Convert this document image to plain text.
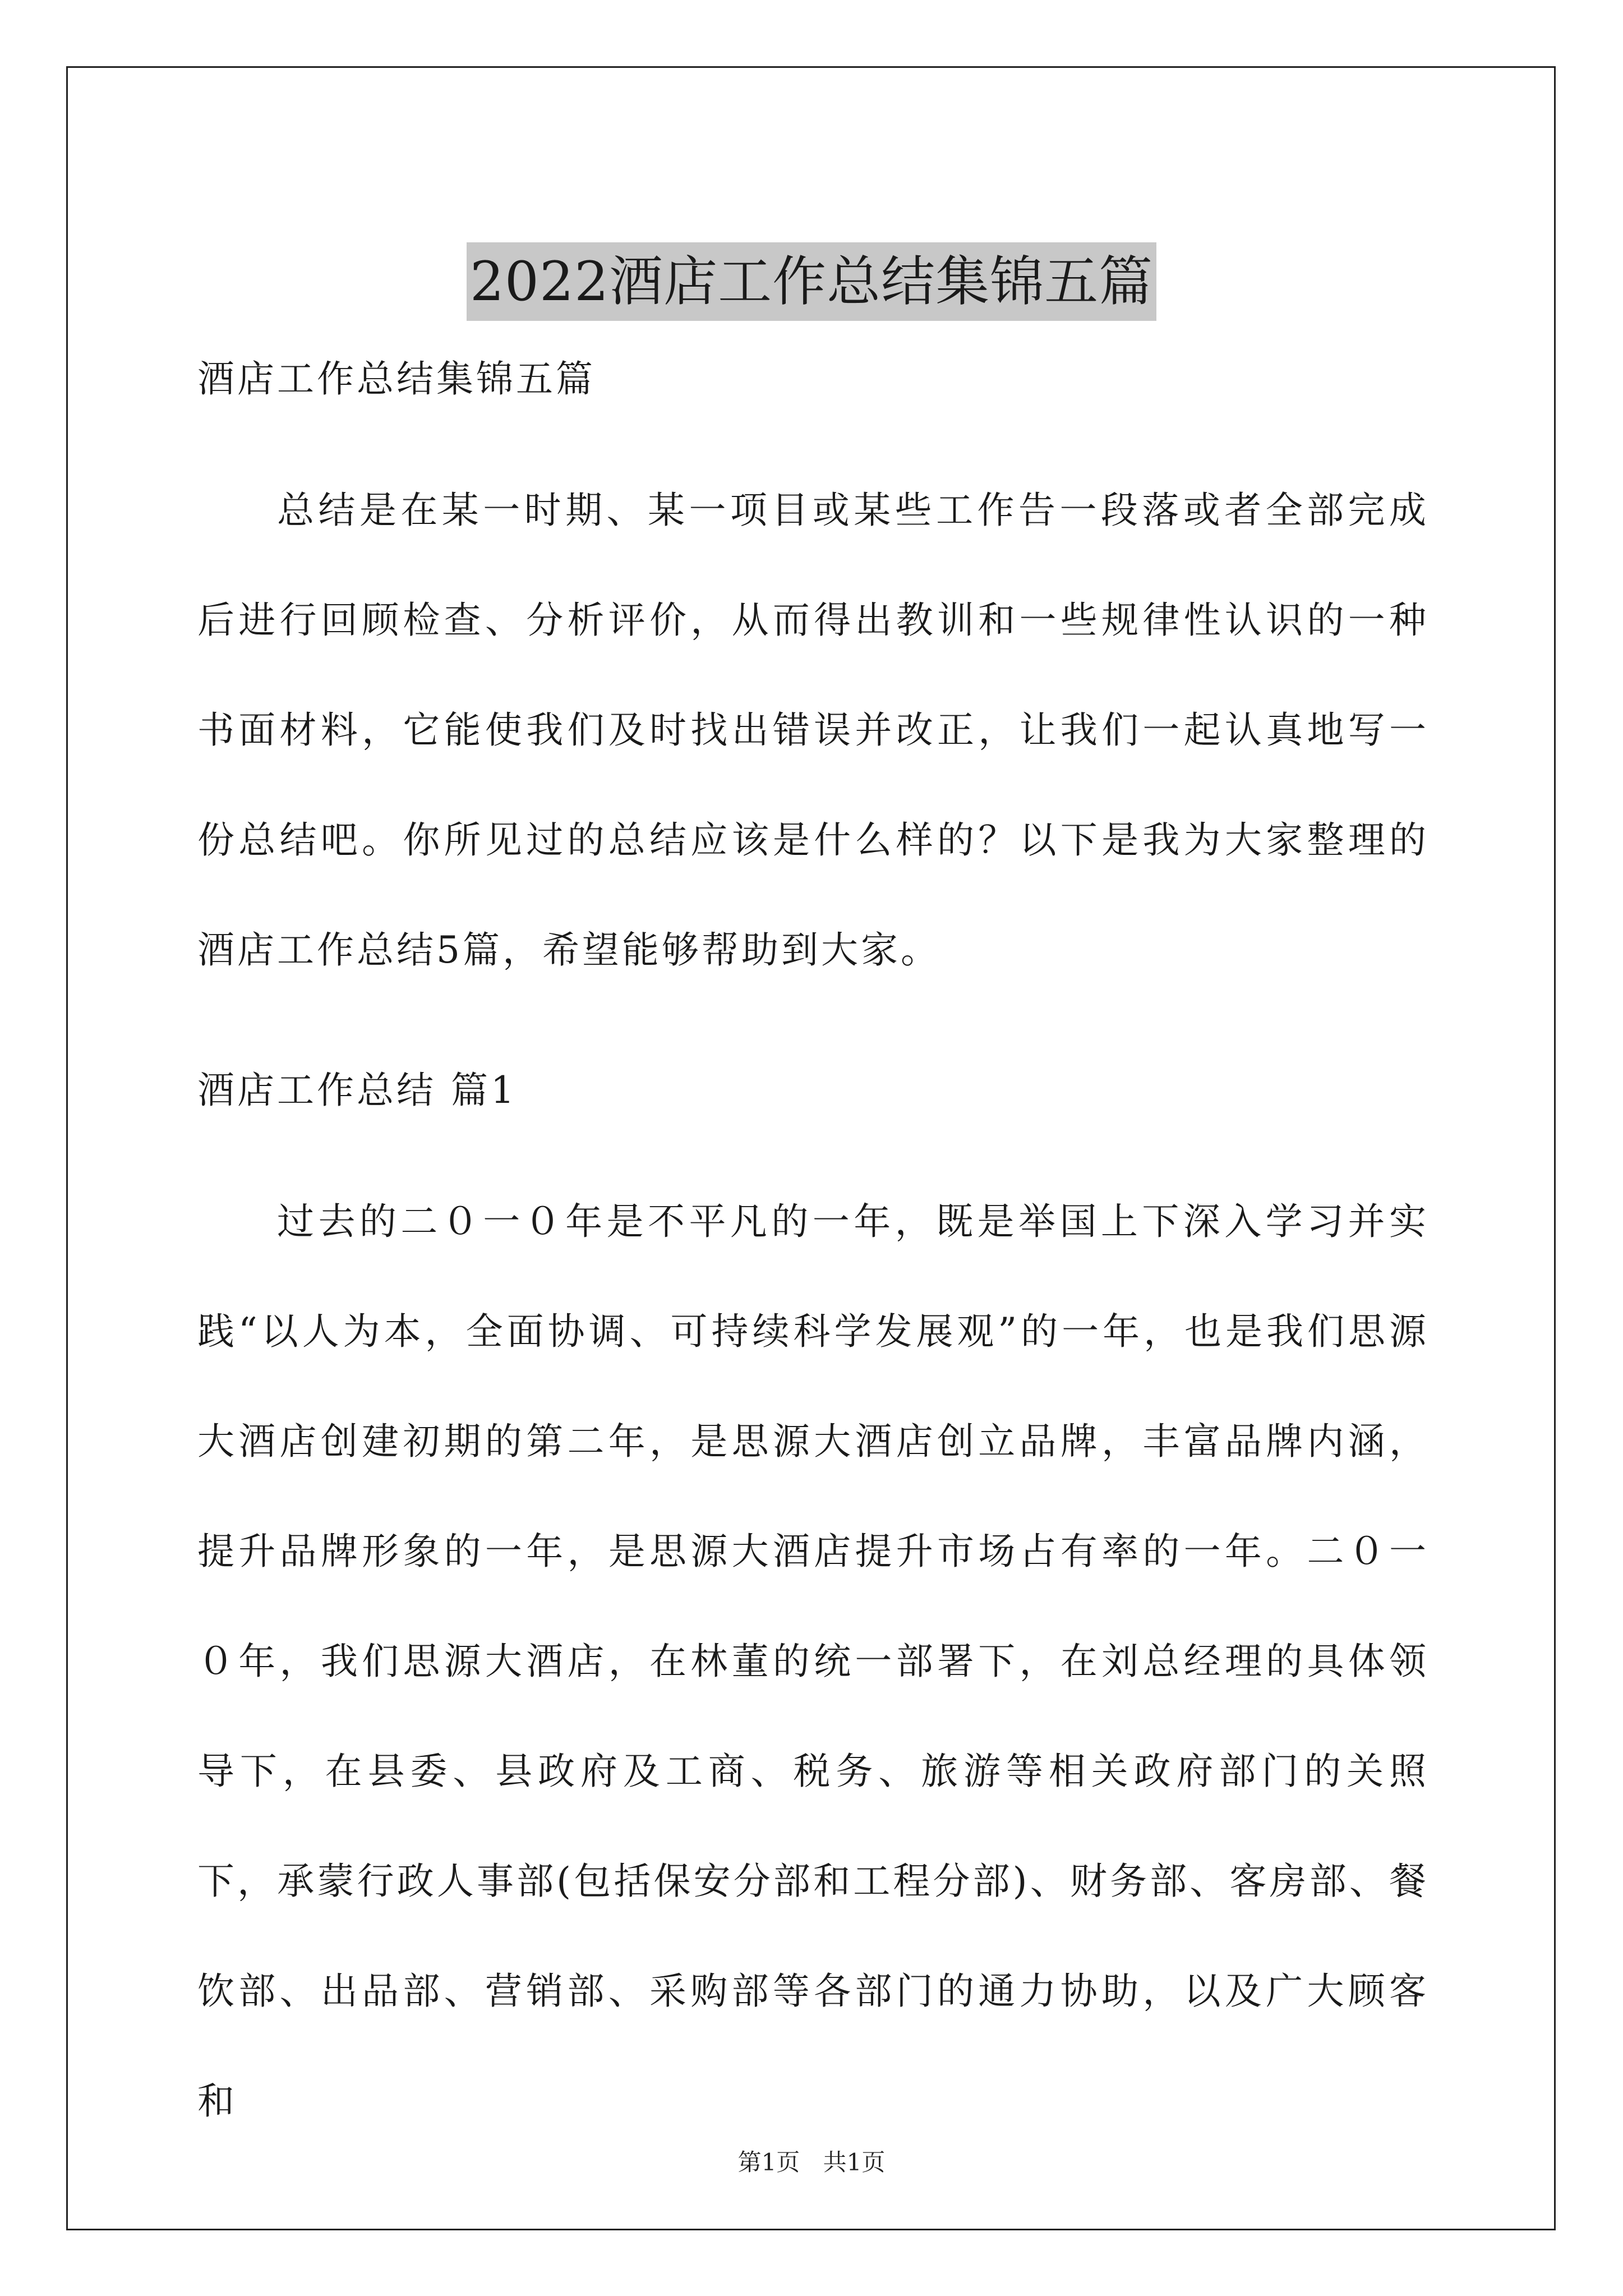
2022酒店工作总结集锦五篇

酒店工作总结集锦五篇

总结是在某一时期、某一项目或某些工作告一段落或者全部完成后进行回顾检查、分析评价，从而得出教训和一些规律性认识的一种书面材料，它能使我们及时找出错误并改正，让我们一起认真地写一份总结吧。你所见过的总结应该是什么样的？以下是我为大家整理的酒店工作总结5篇，希望能够帮助到大家。

酒店工作总结 篇1

过去的二０一０年是不平凡的一年，既是举国上下深入学习并实践“以人为本，全面协调、可持续科学发展观”的一年，也是我们思源大酒店创建初期的第二年，是思源大酒店创立品牌，丰富品牌内涵，提升品牌形象的一年，是思源大酒店提升市场占有率的一年。二０一０年，我们思源大酒店，在林董的统一部署下，在刘总经理的具体领导下，在县委、县政府及工商、税务、旅游等相关政府部门的关照下，承蒙行政人事部(包括保安分部和工程分部)、财务部、客房部、餐饮部、出品部、营销部、采购部等各部门的通力协助，以及广大顾客和

第1页 共1页
